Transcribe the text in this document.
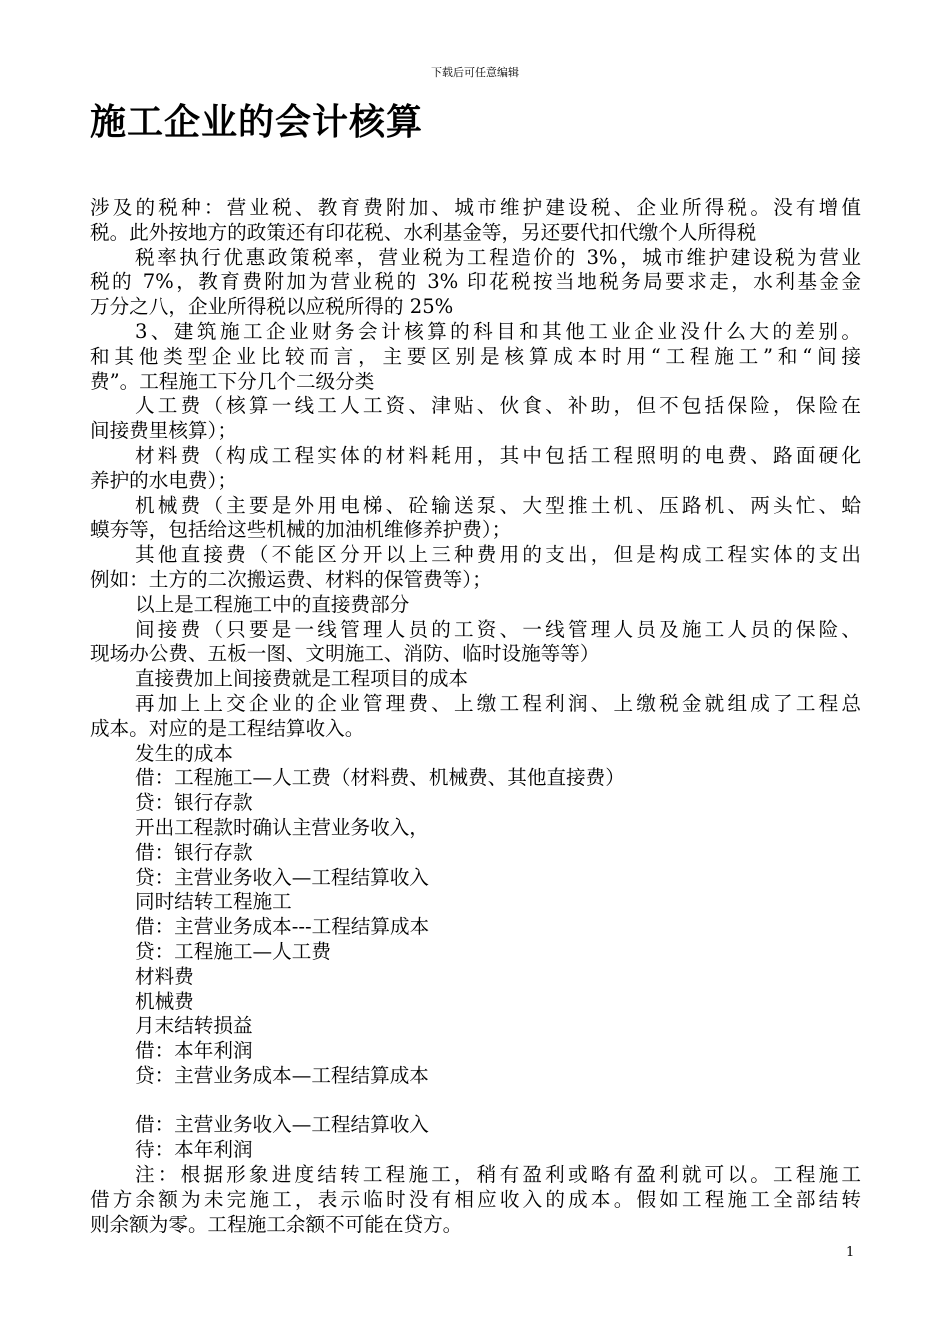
下载后可任意编辑
施工企业的会计核算
涉及的税种：营业税、教育费附加、城市维护建设税、企业所得税。没有增值
税。此外按地方的政策还有印花税、水利基金等，另还要代扣代缴个人所得税
税率执行优惠政策税率，营业税为工程造价的 3%，城市维护建设税为营业
税的 7%，教育费附加为营业税的 3% 印花税按当地税务局要求走，水利基金金
万分之八，企业所得税以应税所得的 25%
3、建筑施工企业财务会计核算的科目和其他工业企业没什么大的差别。
和其他类型企业比较而言，主要区别是核算成本时用“工程施工”和“间接
费”。工程施工下分几个二级分类
人工费（核算一线工人工资、津贴、伙食、补助，但不包括保险，保险在
间接费里核算）；
材料费（构成工程实体的材料耗用，其中包括工程照明的电费、路面硬化
养护的水电费）；
机械费（主要是外用电梯、砼输送泵、大型推土机、压路机、两头忙、蛤
蟆夯等，包括给这些机械的加油机维修养护费）；
其他直接费（不能区分开以上三种费用的支出，但是构成工程实体的支出
例如：土方的二次搬运费、材料的保管费等）；
以上是工程施工中的直接费部分
间接费（只要是一线管理人员的工资、一线管理人员及施工人员的保险、
现场办公费、五板一图、文明施工、消防、临时设施等等）
直接费加上间接费就是工程项目的成本
再加上上交企业的企业管理费、上缴工程利润、上缴税金就组成了工程总
成本。对应的是工程结算收入。
发生的成本
借：工程施工—人工费（材料费、机械费、其他直接费）
贷：银行存款
开出工程款时确认主营业务收入，
借：银行存款
贷：主营业务收入—工程结算收入
同时结转工程施工
借：主营业务成本---工程结算成本
贷：工程施工—人工费
材料费
机械费
月末结转损益
借：本年利润
贷：主营业务成本—工程结算成本
借：主营业务收入—工程结算收入
待：本年利润
注：根据形象进度结转工程施工，稍有盈利或略有盈利就可以。工程施工
借方余额为未完施工，表示临时没有相应收入的成本。假如工程施工全部结转
则余额为零。工程施工余额不可能在贷方。
1
